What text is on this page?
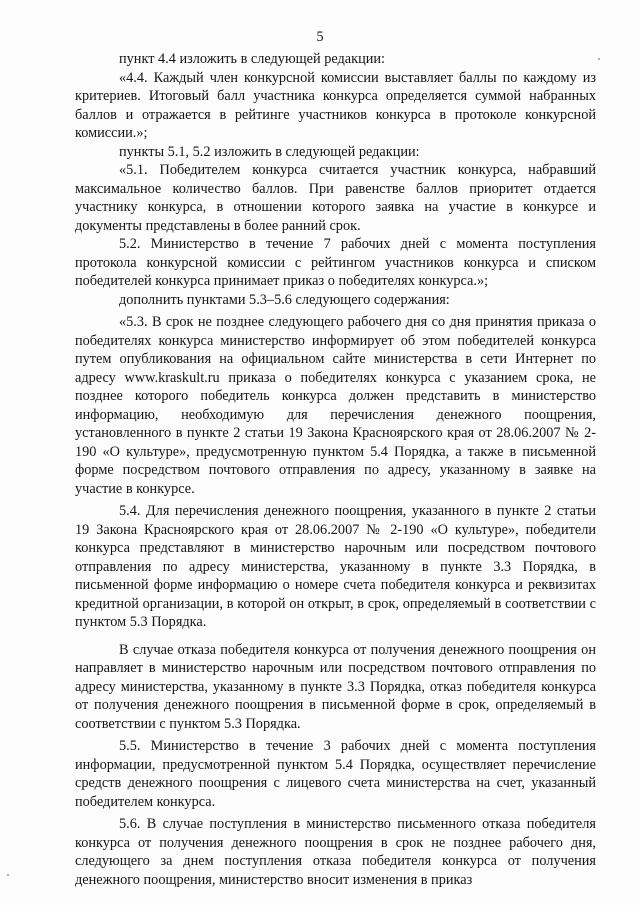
5

пункт 4.4 изложить в следующей редакции:

«4.4. Каждый член конкурсной комиссии выставляет баллы по каждому из критериев. Итоговый балл участника конкурса определяется суммой набранных баллов и отражается в рейтинге участников конкурса в протоколе конкурсной комиссии.»;

пункты 5.1, 5.2 изложить в следующей редакции:

«5.1. Победителем конкурса считается участник конкурса, набравший максимальное количество баллов. При равенстве баллов приоритет отдается участнику конкурса, в отношении которого заявка на участие в конкурсе и документы представлены в более ранний срок.

5.2. Министерство в течение 7 рабочих дней с момента поступления протокола конкурсной комиссии с рейтингом участников конкурса и списком победителей конкурса принимает приказ о победителях конкурса.»;

дополнить пунктами 5.3–5.6 следующего содержания:

«5.3. В срок не позднее следующего рабочего дня со дня принятия приказа о победителях конкурса министерство информирует об этом победителей конкурса путем опубликования на официальном сайте министерства в сети Интернет по адресу www.kraskult.ru приказа о победителях конкурса с указанием срока, не позднее которого победитель конкурса должен представить в министерство информацию, необходимую для перечисления денежного поощрения, установленного в пункте 2 статьи 19 Закона Красноярского края от 28.06.2007 № 2-190 «О культуре», предусмотренную пунктом 5.4 Порядка, а также в письменной форме посредством почтового отправления по адресу, указанному в заявке на участие в конкурсе.

5.4. Для перечисления денежного поощрения, указанного в пункте 2 статьи 19 Закона Красноярского края от 28.06.2007 № 2-190 «О культуре», победители конкурса представляют в министерство нарочным или посредством почтового отправления по адресу министерства, указанному в пункте 3.3 Порядка, в письменной форме информацию о номере счета победителя конкурса и реквизитах кредитной организации, в которой он открыт, в срок, определяемый в соответствии с пунктом 5.3 Порядка.

В случае отказа победителя конкурса от получения денежного поощрения он направляет в министерство нарочным или посредством почтового отправления по адресу министерства, указанному в пункте 3.3 Порядка, отказ победителя конкурса от получения денежного поощрения в письменной форме в срок, определяемый в соответствии с пунктом 5.3 Порядка.

5.5. Министерство в течение 3 рабочих дней с момента поступления информации, предусмотренной пунктом 5.4 Порядка, осуществляет перечисление средств денежного поощрения с лицевого счета министерства на счет, указанный победителем конкурса.

5.6. В случае поступления в министерство письменного отказа победителя конкурса от получения денежного поощрения в срок не позднее рабочего дня, следующего за днем поступления отказа победителя конкурса от получения денежного поощрения, министерство вносит изменения в приказ
